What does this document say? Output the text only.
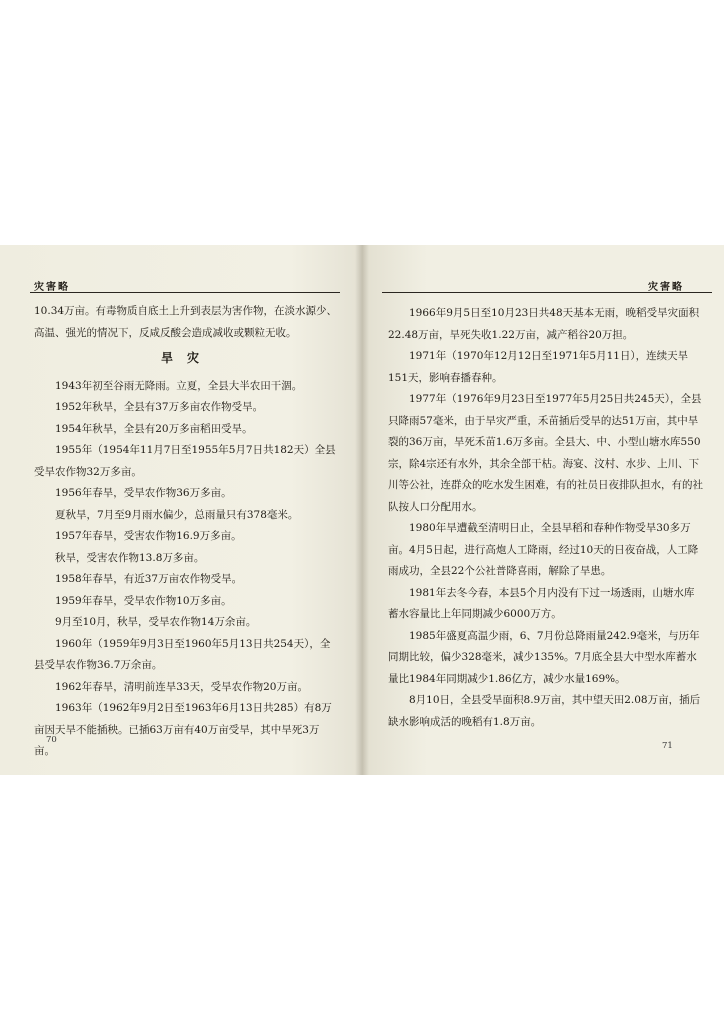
灾害略

10.34万亩。有毒物质自底土上升到表层为害作物，在淡水源少、高温、强光的情况下，反咸反酸会造成减收或颗粒无收。

旱灾

1943年初至谷雨无降雨。立夏，全县大半农田干涸。

1952年秋旱，全县有37万多亩农作物受旱。

1954年秋旱，全县有20万多亩稻田受旱。

1955年（1954年11月7日至1955年5月7日共182天）全县受旱农作物32万多亩。

1956年春旱，受旱农作物36万多亩。

夏秋旱，7月至9月雨水偏少，总雨量只有378毫米。

1957年春旱，受害农作物16.9万多亩。

秋旱，受害农作物13.8万多亩。

1958年春旱，有近37万亩农作物受旱。

1959年春旱，受旱农作物10万多亩。

9月至10月，秋旱，受旱农作物14万余亩。

1960年（1959年9月3日至1960年5月13日共254天），全县受旱农作物36.7万余亩。

1962年春旱，清明前连旱33天，受旱农作物20万亩。

1963年（1962年9月2日至1963年6月13日共285）有8万亩因天旱不能插秧。已插63万亩有40万亩受旱，其中旱死3万亩。

70
灾害略

1966年9月5日至10月23日共48天基本无雨，晚稻受旱灾面积22.48万亩，旱死失收1.22万亩，减产稻谷20万担。

1971年（1970年12月12日至1971年5月11日），连续天旱151天，影响春播春种。

1977年（1976年9月23日至1977年5月25日共245天），全县只降雨57毫米，由于旱灾严重，禾苗插后受旱的达51万亩，其中旱裂的36万亩，旱死禾苗1.6万多亩。全县大、中、小型山塘水库550宗，除4宗还有水外，其余全部干枯。海宴、汶村、水步、上川、下川等公社，连群众的吃水发生困难，有的社员日夜排队担水，有的社队按人口分配用水。

1980年旱遭截至清明日止，全县早稻和春种作物受旱30多万亩。4月5日起，进行高炮人工降雨，经过10天的日夜奋战，人工降雨成功，全县22个公社普降喜雨，解除了旱患。

1981年去冬今春，本县5个月内没有下过一场透雨，山塘水库蓄水容量比上年同期减少6000万方。

1985年盛夏高温少雨，6、7月份总降雨量242.9毫米，与历年同期比较，偏少328毫米，减少135%。7月底全县大中型水库蓄水量比1984年同期减少1.86亿方，减少水量169%。

8月10日，全县受旱面积8.9万亩，其中望天田2.08万亩，插后缺水影响成活的晚稻有1.8万亩。

71
